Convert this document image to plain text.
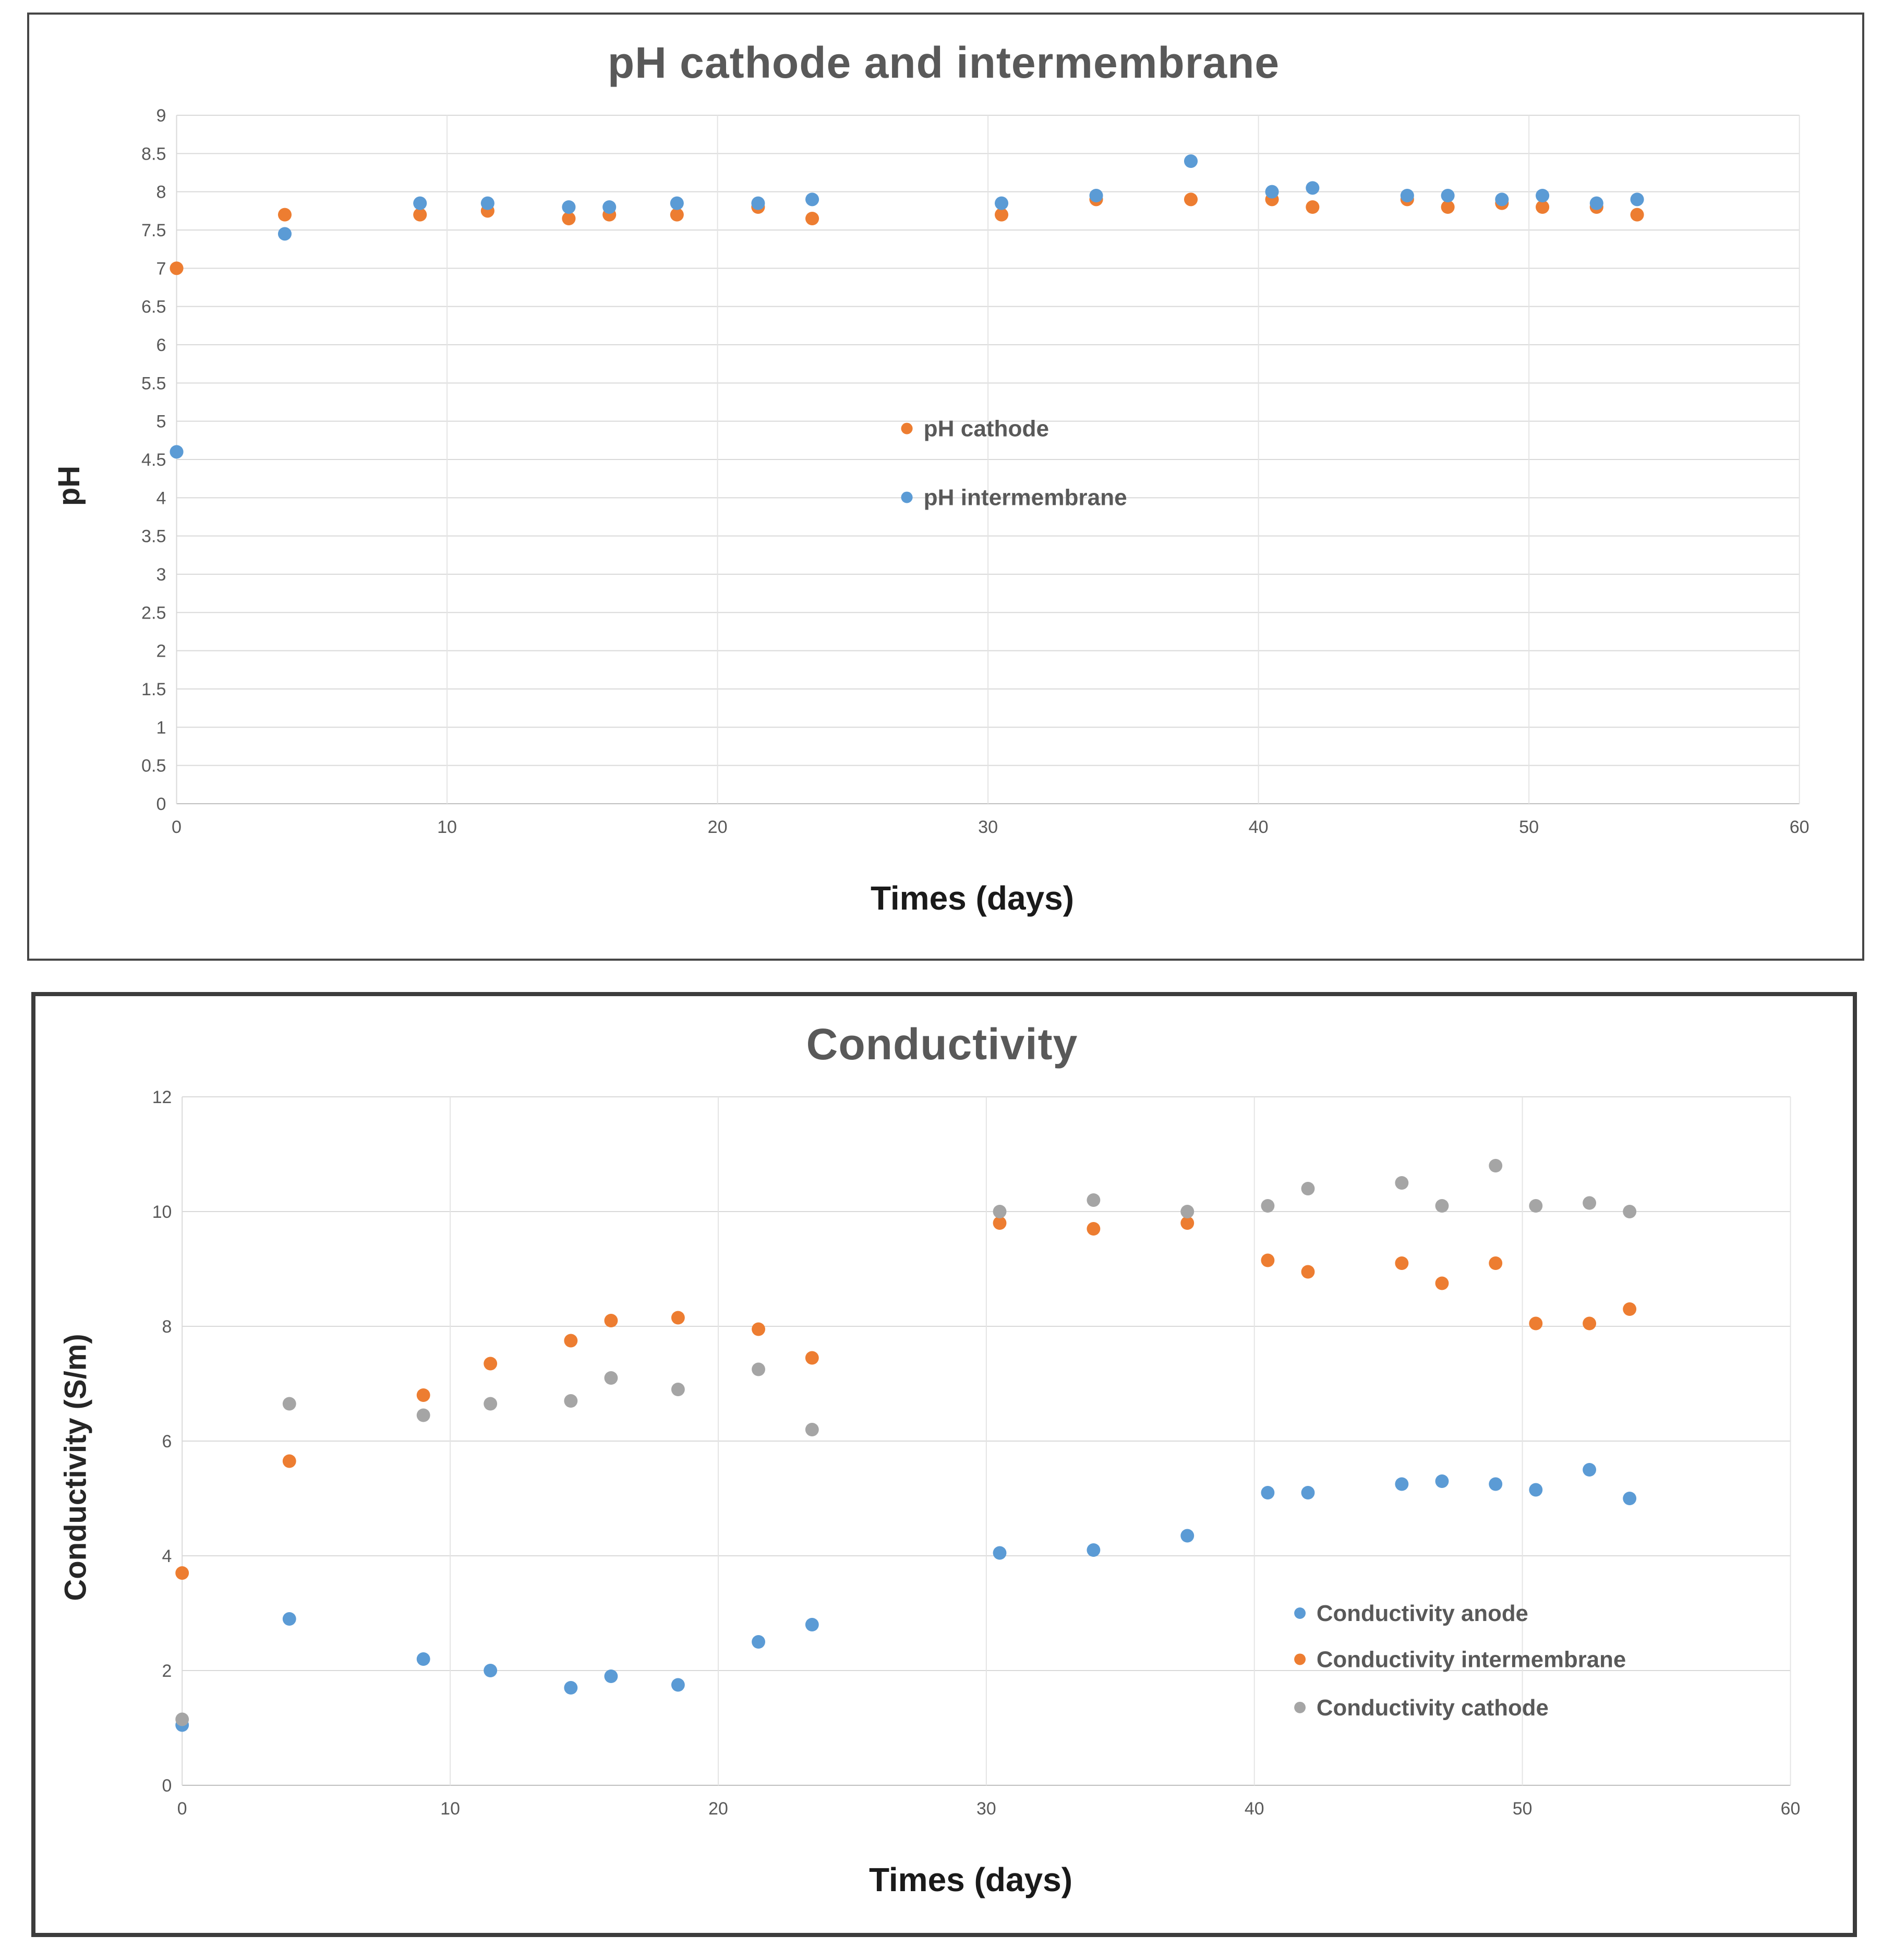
pH cathode and intermembrane
pH
0
0.5
1
1.5
2
2.5
3
3.5
4
4.5
5
5.5
6
6.5
7
7.5
8
8.5
9
0	10	20	30	40	50	60
pH cathode
pH intermembrane
Times (days)
Conductivity
Conductivity (S/m)
0
2
4
6
8
10
12
0	10	20	30	40	50	60
Conductivity anode
Conductivity intermembrane
Conductivity cathode
Times (days)
